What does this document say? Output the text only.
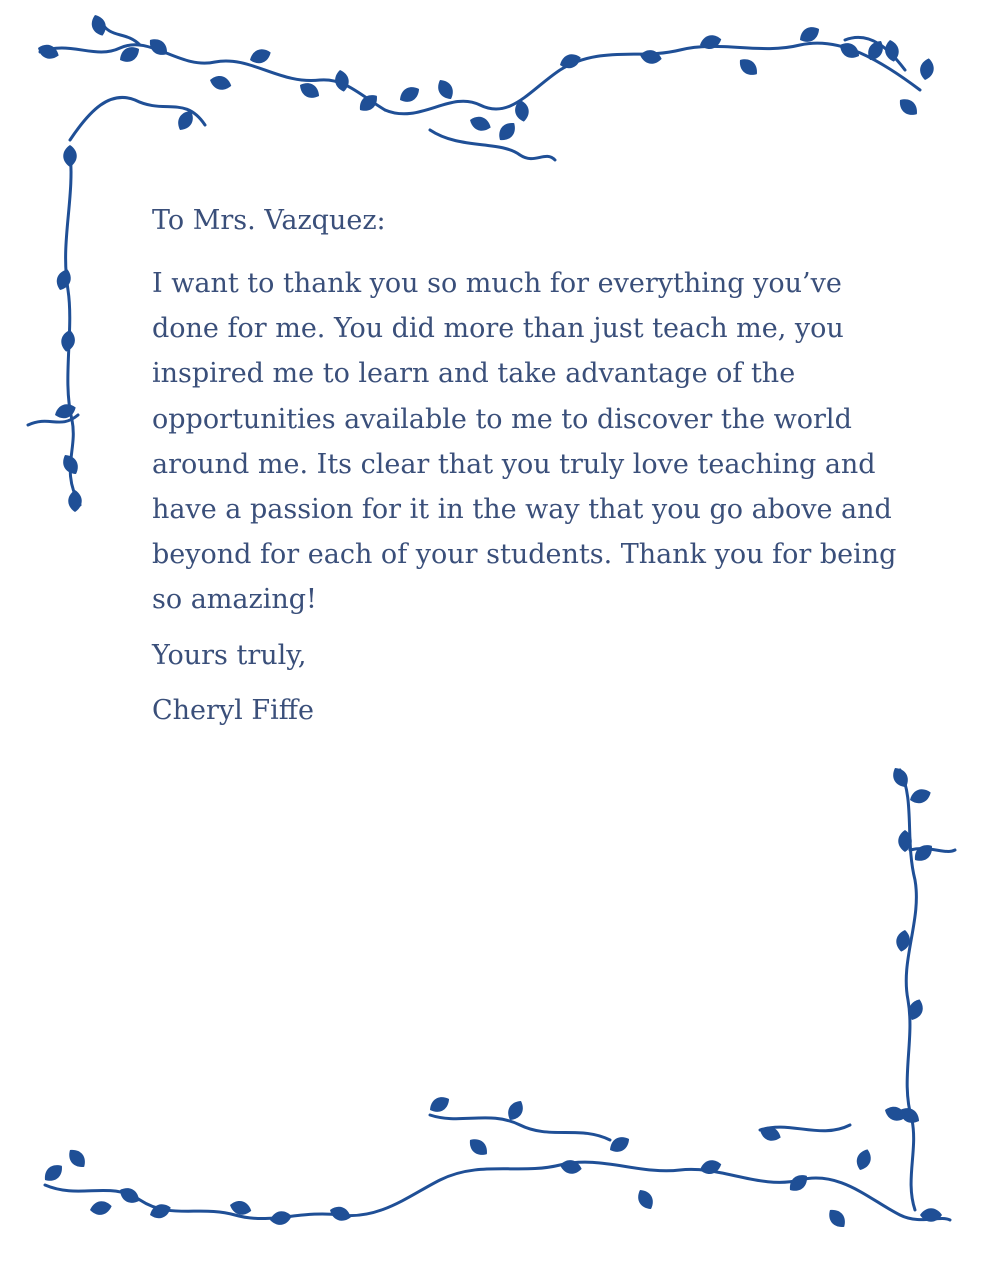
To Mrs. Vazquez:

I want to thank you so much for everything you’ve done for me. You did more than just teach me, you inspired me to learn and take advantage of the opportunities available to me to discover the world around me. Its clear that you truly love teaching and have a passion for it in the way that you go above and beyond for each of your students. Thank you for being so amazing!

Yours truly,

Cheryl Fiffe
